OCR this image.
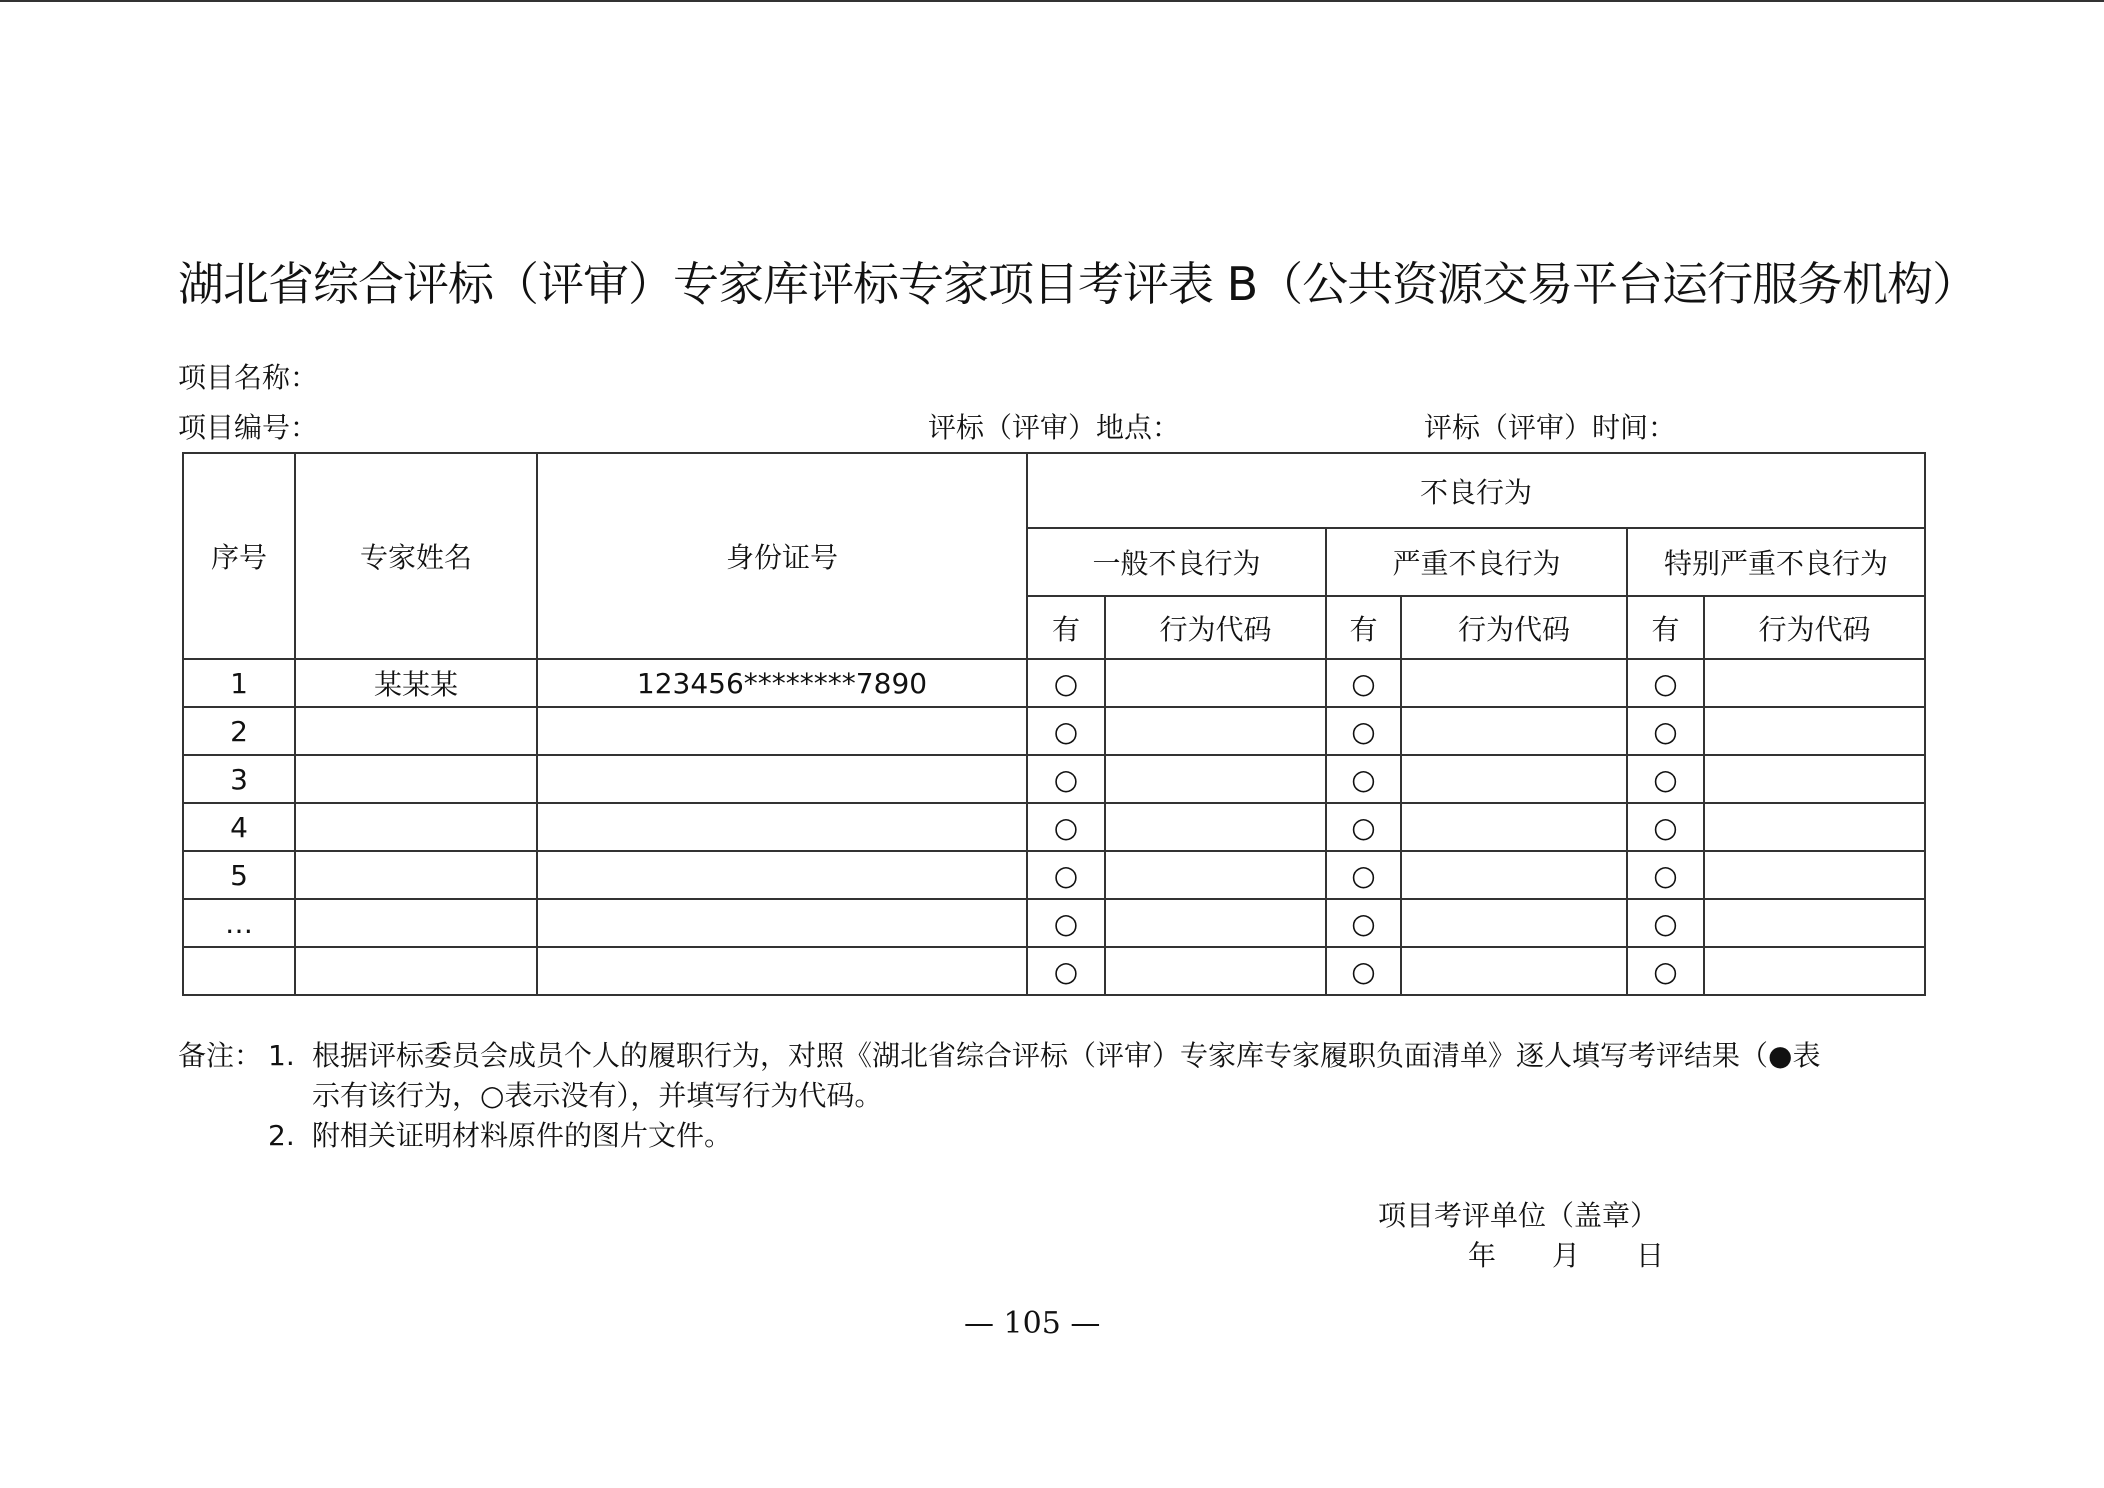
湖北省综合评标（评审）专家库评标专家项目考评表 B（公共资源交易平台运行服务机构）
项目名称：
项目编号：	评标（评审）地点：	评标（评审）时间：
序号	专家姓名	身份证号	不良行为					
			一般不良行为		严重不良行为		特别严重不良行为	
			有	行为代码	有	行为代码	有	行为代码
1	某某某	123456********7890	○		○		○	
2			○		○		○	
3			○		○		○	
4			○		○		○	
5			○		○		○	
…			○		○		○	
			○		○		○	
备注： 1. 根据评标委员会成员个人的履职行为，对照《湖北省综合评标（评审）专家库专家履职负面清单》逐人填写考评结果（●表
示有该行为，○表示没有），并填写行为代码。
2. 附相关证明材料原件的图片文件。
项目考评单位（盖章）
年　　月　　日
— 105 —
